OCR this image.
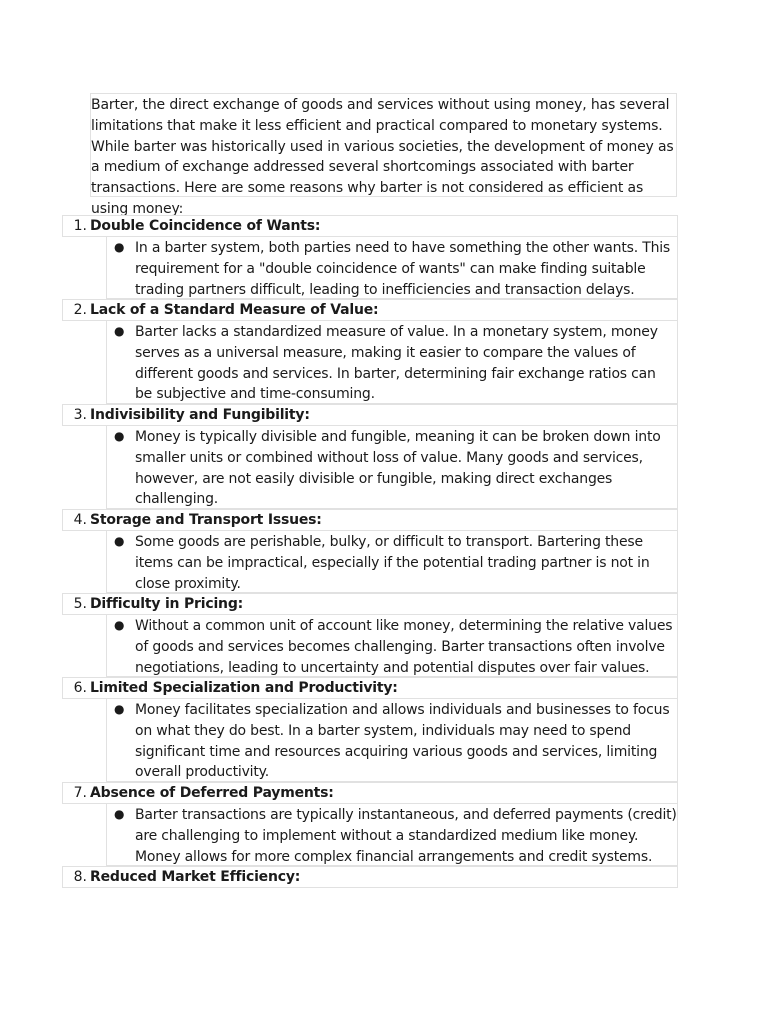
Barter, the direct exchange of goods and services without using money, has several limitations that make it less efficient and practical compared to monetary systems. While barter was historically used in various societies, the development of money as a medium of exchange addressed several shortcomings associated with barter transactions. Here are some reasons why barter is not considered as efficient as using money:

1. Double Coincidence of Wants:
● In a barter system, both parties need to have something the other wants. This requirement for a "double coincidence of wants" can make finding suitable trading partners difficult, leading to inefficiencies and transaction delays.
2. Lack of a Standard Measure of Value:
● Barter lacks a standardized measure of value. In a monetary system, money serves as a universal measure, making it easier to compare the values of different goods and services. In barter, determining fair exchange ratios can be subjective and time-consuming.
3. Indivisibility and Fungibility:
● Money is typically divisible and fungible, meaning it can be broken down into smaller units or combined without loss of value. Many goods and services, however, are not easily divisible or fungible, making direct exchanges challenging.
4. Storage and Transport Issues:
● Some goods are perishable, bulky, or difficult to transport. Bartering these items can be impractical, especially if the potential trading partner is not in close proximity.
5. Difficulty in Pricing:
● Without a common unit of account like money, determining the relative values of goods and services becomes challenging. Barter transactions often involve negotiations, leading to uncertainty and potential disputes over fair values.
6. Limited Specialization and Productivity:
● Money facilitates specialization and allows individuals and businesses to focus on what they do best. In a barter system, individuals may need to spend significant time and resources acquiring various goods and services, limiting overall productivity.
7. Absence of Deferred Payments:
● Barter transactions are typically instantaneous, and deferred payments (credit) are challenging to implement without a standardized medium like money. Money allows for more complex financial arrangements and credit systems.
8. Reduced Market Efficiency:
